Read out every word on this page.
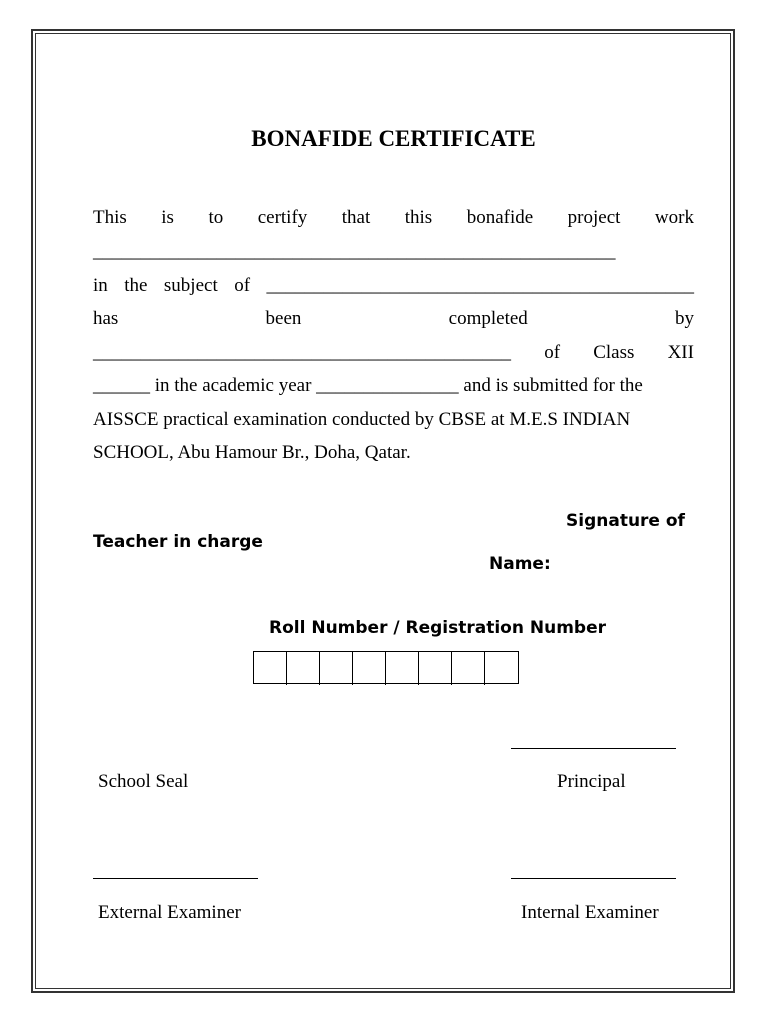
BONAFIDE CERTIFICATE
This is to certify that this bonafide project work
_______________________________________________________
in the subject of _____________________________________________
has	been	completed	by
____________________________________________ of Class XII
______ in the academic year _______________ and is submitted for the
AISSCE practical examination conducted by CBSE at M.E.S INDIAN
SCHOOL, Abu Hamour Br., Doha, Qatar.
Signature of
Teacher in charge
Name:
Roll Number / Registration Number
School Seal	Principal
External Examiner	Internal Examiner
